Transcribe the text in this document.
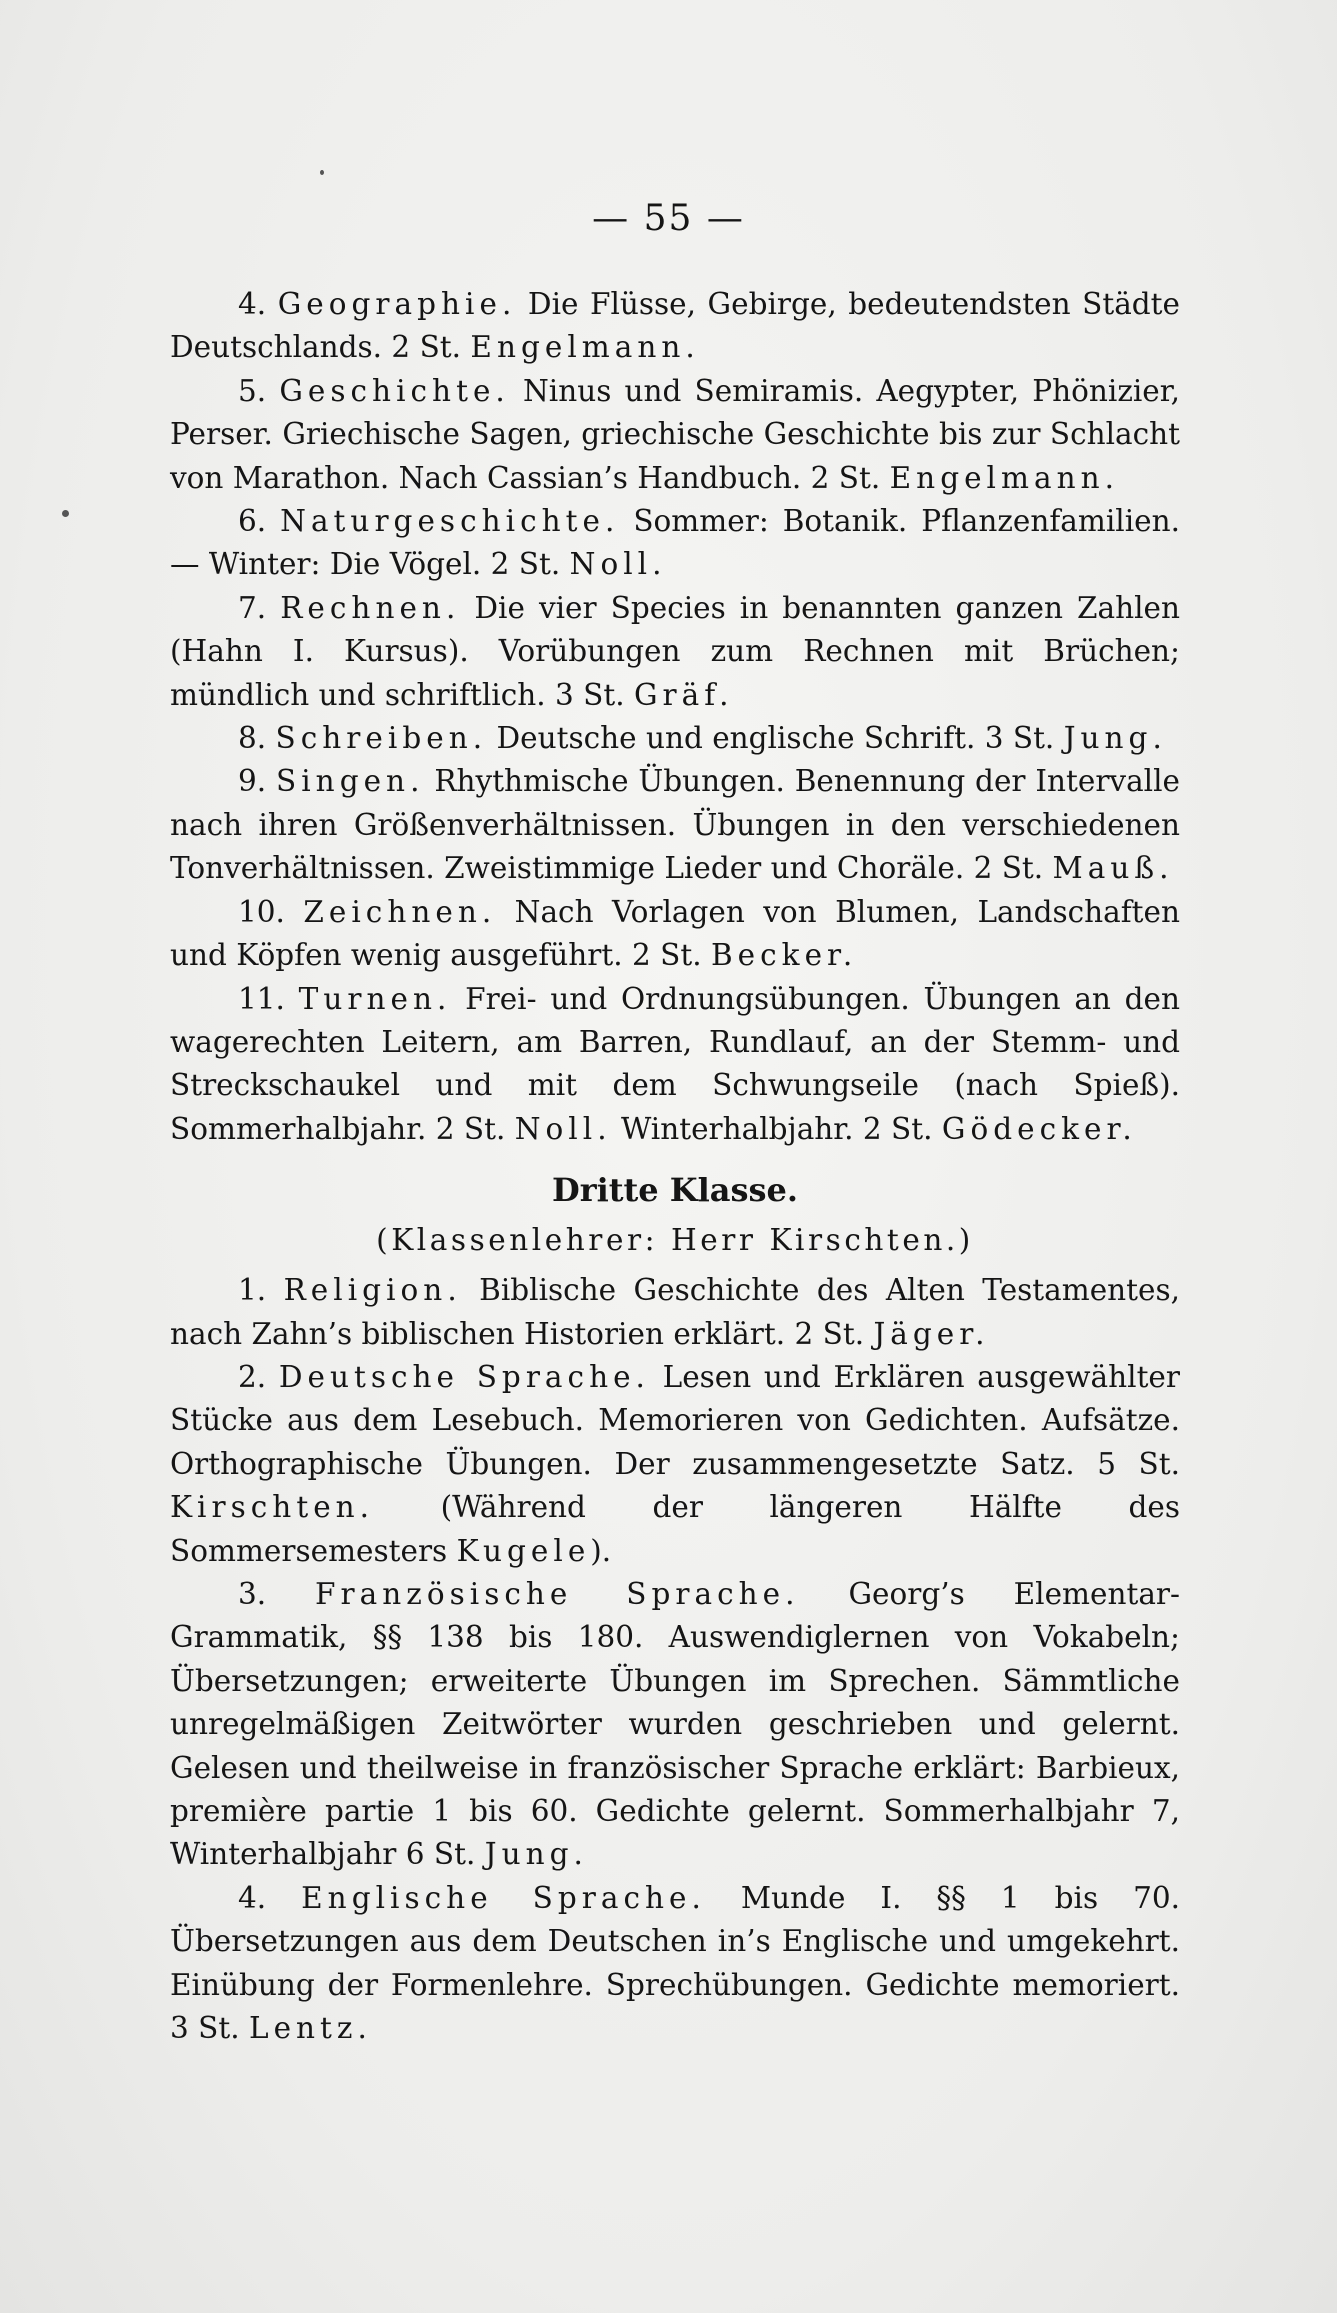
— 55 —

4. Geographie. Die Flüsse, Gebirge, bedeutendsten Städte Deutschlands. 2 St. Engelmann.

5. Geschichte. Ninus und Semiramis. Aegypter, Phönizier, Perser. Griechische Sagen, griechische Geschichte bis zur Schlacht von Marathon. Nach Cassian’s Handbuch. 2 St. Engelmann.

6. Naturgeschichte. Sommer: Botanik. Pflanzenfamilien. — Winter: Die Vögel. 2 St. Noll.

7. Rechnen. Die vier Species in benannten ganzen Zahlen (Hahn I. Kursus). Vorübungen zum Rechnen mit Brüchen; mündlich und schriftlich. 3 St. Gräf.

8. Schreiben. Deutsche und englische Schrift. 3 St. Jung.

9. Singen. Rhythmische Übungen. Benennung der Intervalle nach ihren Größenverhältnissen. Übungen in den verschiedenen Tonverhältnissen. Zweistimmige Lieder und Choräle. 2 St. Mauß.

10. Zeichnen. Nach Vorlagen von Blumen, Landschaften und Köpfen wenig ausgeführt. 2 St. Becker.

11. Turnen. Frei- und Ordnungsübungen. Übungen an den wagerechten Leitern, am Barren, Rundlauf, an der Stemm- und Streckschaukel und mit dem Schwungseile (nach Spieß). Sommerhalbjahr. 2 St. Noll. Winterhalbjahr. 2 St. Gödecker.

Dritte Klasse.
(Klassenlehrer: Herr Kirschten.)

1. Religion. Biblische Geschichte des Alten Testamentes, nach Zahn’s biblischen Historien erklärt. 2 St. Jäger.

2. Deutsche Sprache. Lesen und Erklären ausgewählter Stücke aus dem Lesebuch. Memorieren von Gedichten. Aufsätze. Orthographische Übungen. Der zusammengesetzte Satz. 5 St. Kirschten. (Während der längeren Hälfte des Sommersemesters Kugele).

3. Französische Sprache. Georg’s Elementar-Grammatik, §§ 138 bis 180. Auswendiglernen von Vokabeln; Übersetzungen; erweiterte Übungen im Sprechen. Sämmtliche unregelmäßigen Zeitwörter wurden geschrieben und gelernt. Gelesen und theilweise in französischer Sprache erklärt: Barbieux, première partie 1 bis 60. Gedichte gelernt. Sommerhalbjahr 7, Winterhalbjahr 6 St. Jung.

4. Englische Sprache. Munde I. §§ 1 bis 70. Übersetzungen aus dem Deutschen in’s Englische und umgekehrt. Einübung der Formenlehre. Sprechübungen. Gedichte memoriert. 3 St. Lentz.
